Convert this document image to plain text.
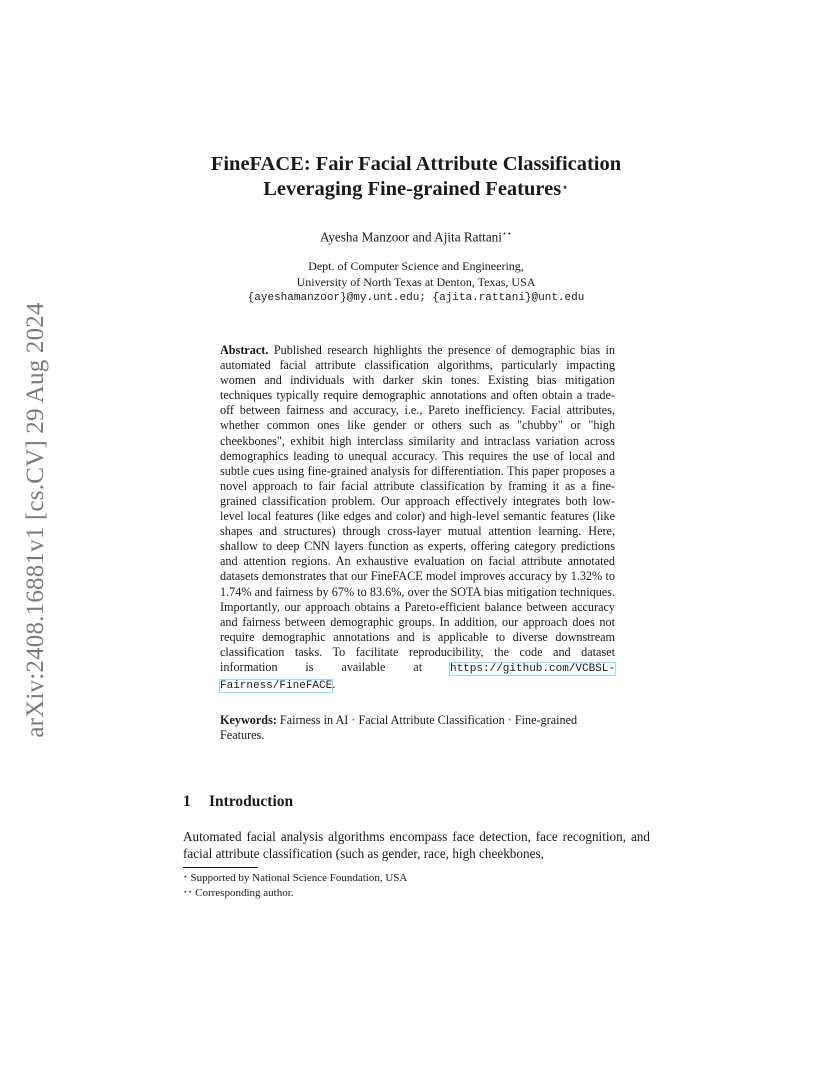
arXiv:2408.16881v1 [cs.CV] 29 Aug 2024
FineFACE: Fair Facial Attribute Classification
Leveraging Fine-grained Features⋆
Ayesha Manzoor and Ajita Rattani⋆⋆
Dept. of Computer Science and Engineering,
University of North Texas at Denton, Texas, USA
{ayeshamanzoor}@my.unt.edu; {ajita.rattani}@unt.edu

Abstract. Published research highlights the presence of demographic bias in automated facial attribute classification algorithms, particularly impacting women and individuals with darker skin tones. Existing bias mitigation techniques typically require demographic annotations and often obtain a trade-off between fairness and accuracy, i.e., Pareto inefficiency. Facial attributes, whether common ones like gender or others such as "chubby" or "high cheekbones", exhibit high interclass similarity and intraclass variation across demographics leading to unequal accuracy. This requires the use of local and subtle cues using fine-grained analysis for differentiation. This paper proposes a novel approach to fair facial attribute classification by framing it as a fine-grained classification problem. Our approach effectively integrates both low-level local features (like edges and color) and high-level semantic features (like shapes and structures) through cross-layer mutual attention learning. Here, shallow to deep CNN layers function as experts, offering category predictions and attention regions. An exhaustive evaluation on facial attribute annotated datasets demonstrates that our FineFACE model improves accuracy by 1.32% to 1.74% and fairness by 67% to 83.6%, over the SOTA bias mitigation techniques. Importantly, our approach obtains a Pareto-efficient balance between accuracy and fairness between demographic groups. In addition, our approach does not require demographic annotations and is applicable to diverse downstream classification tasks. To facilitate reproducibility, the code and dataset information is available at	https://github.com/VCBSL-Fairness/FineFACE.

Keywords: Fairness in AI · Facial Attribute Classification · Fine-grained Features.
1 Introduction

Automated facial analysis algorithms encompass face detection, face recognition, and facial attribute classification (such as gender, race, high cheekbones,

⋆ Supported by National Science Foundation, USA
⋆⋆ Corresponding author.
